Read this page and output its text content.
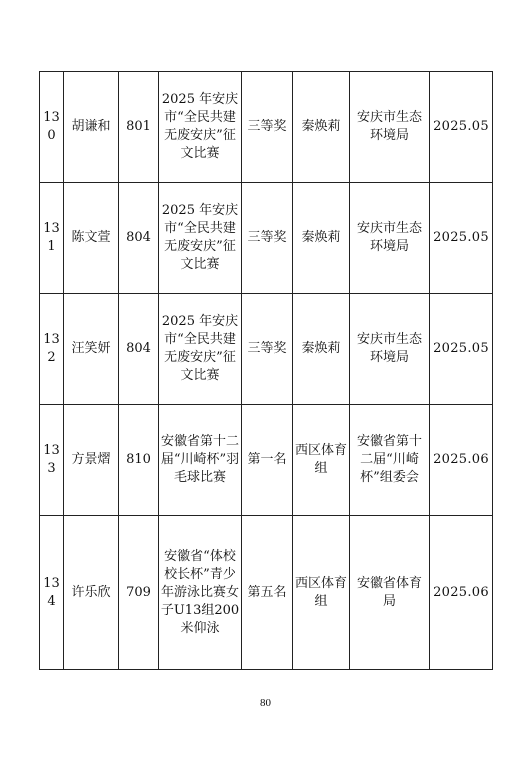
130	胡谦和	801	2025 年安庆市“全民共建无废安庆”征文比赛	三等奖	秦焕莉	安庆市生态环境局	2025.05
131	陈文萱	804	2025 年安庆市“全民共建无废安庆”征文比赛	三等奖	秦焕莉	安庆市生态环境局	2025.05
132	汪笑妍	804	2025 年安庆市“全民共建无废安庆”征文比赛	三等奖	秦焕莉	安庆市生态环境局	2025.05
133	方景熠	810	安徽省第十二届“川崎杯”羽毛球比赛	第一名	西区体育组	安徽省第十二届“川崎杯”组委会	2025.06
134	许乐欣	709	安徽省“体校校长杯”青少年游泳比赛女子U13组200米仰泳	第五名	西区体育组	安徽省体育局	2025.06
80
